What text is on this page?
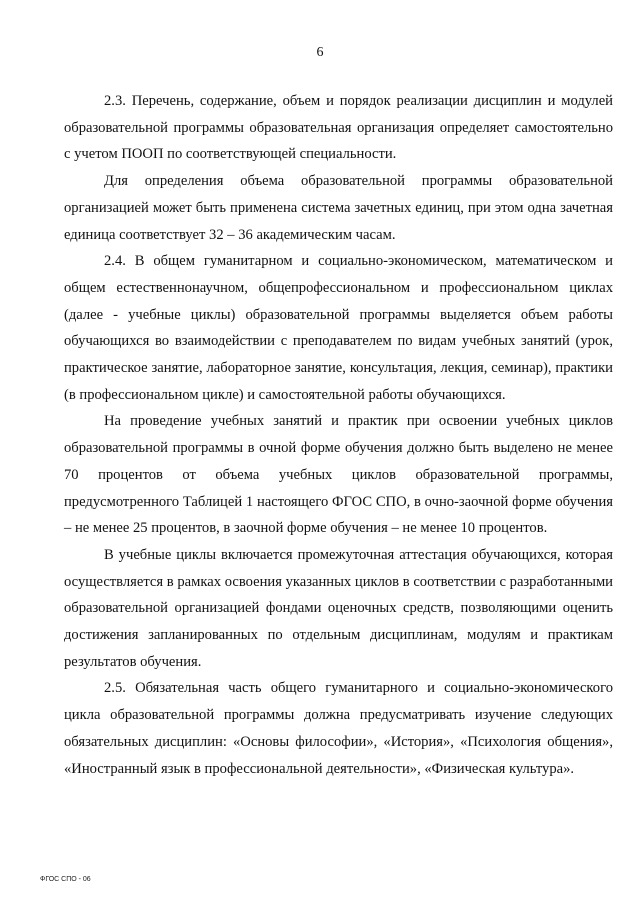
6

2.3. Перечень, содержание, объем и порядок реализации дисциплин и модулей образовательной программы образовательная организация определяет самостоятельно с учетом ПООП по соответствующей специальности.

Для определения объема образовательной программы образовательной организацией может быть применена система зачетных единиц, при этом одна зачетная единица соответствует 32 – 36 академическим часам.

2.4. В общем гуманитарном и социально-экономическом, математическом и общем естественнонаучном, общепрофессиональном и профессиональном циклах (далее - учебные циклы) образовательной программы выделяется объем работы обучающихся во взаимодействии с преподавателем по видам учебных занятий (урок, практическое занятие, лабораторное занятие, консультация, лекция, семинар), практики (в профессиональном цикле) и самостоятельной работы обучающихся.

На проведение учебных занятий и практик при освоении учебных циклов образовательной программы в очной форме обучения должно быть выделено не менее 70 процентов от объема учебных циклов образовательной программы, предусмотренного Таблицей 1 настоящего ФГОС СПО, в очно-заочной форме обучения – не менее 25 процентов, в заочной форме обучения – не менее 10 процентов.

В учебные циклы включается промежуточная аттестация обучающихся, которая осуществляется в рамках освоения указанных циклов в соответствии с разработанными образовательной организацией фондами оценочных средств, позволяющими оценить достижения запланированных по отдельным дисциплинам, модулям и практикам результатов обучения.

2.5. Обязательная часть общего гуманитарного и социально-экономического цикла образовательной программы должна предусматривать изучение следующих обязательных дисциплин: «Основы философии», «История», «Психология общения», «Иностранный язык в профессиональной деятельности», «Физическая культура».

ФГОС СПО - 06
